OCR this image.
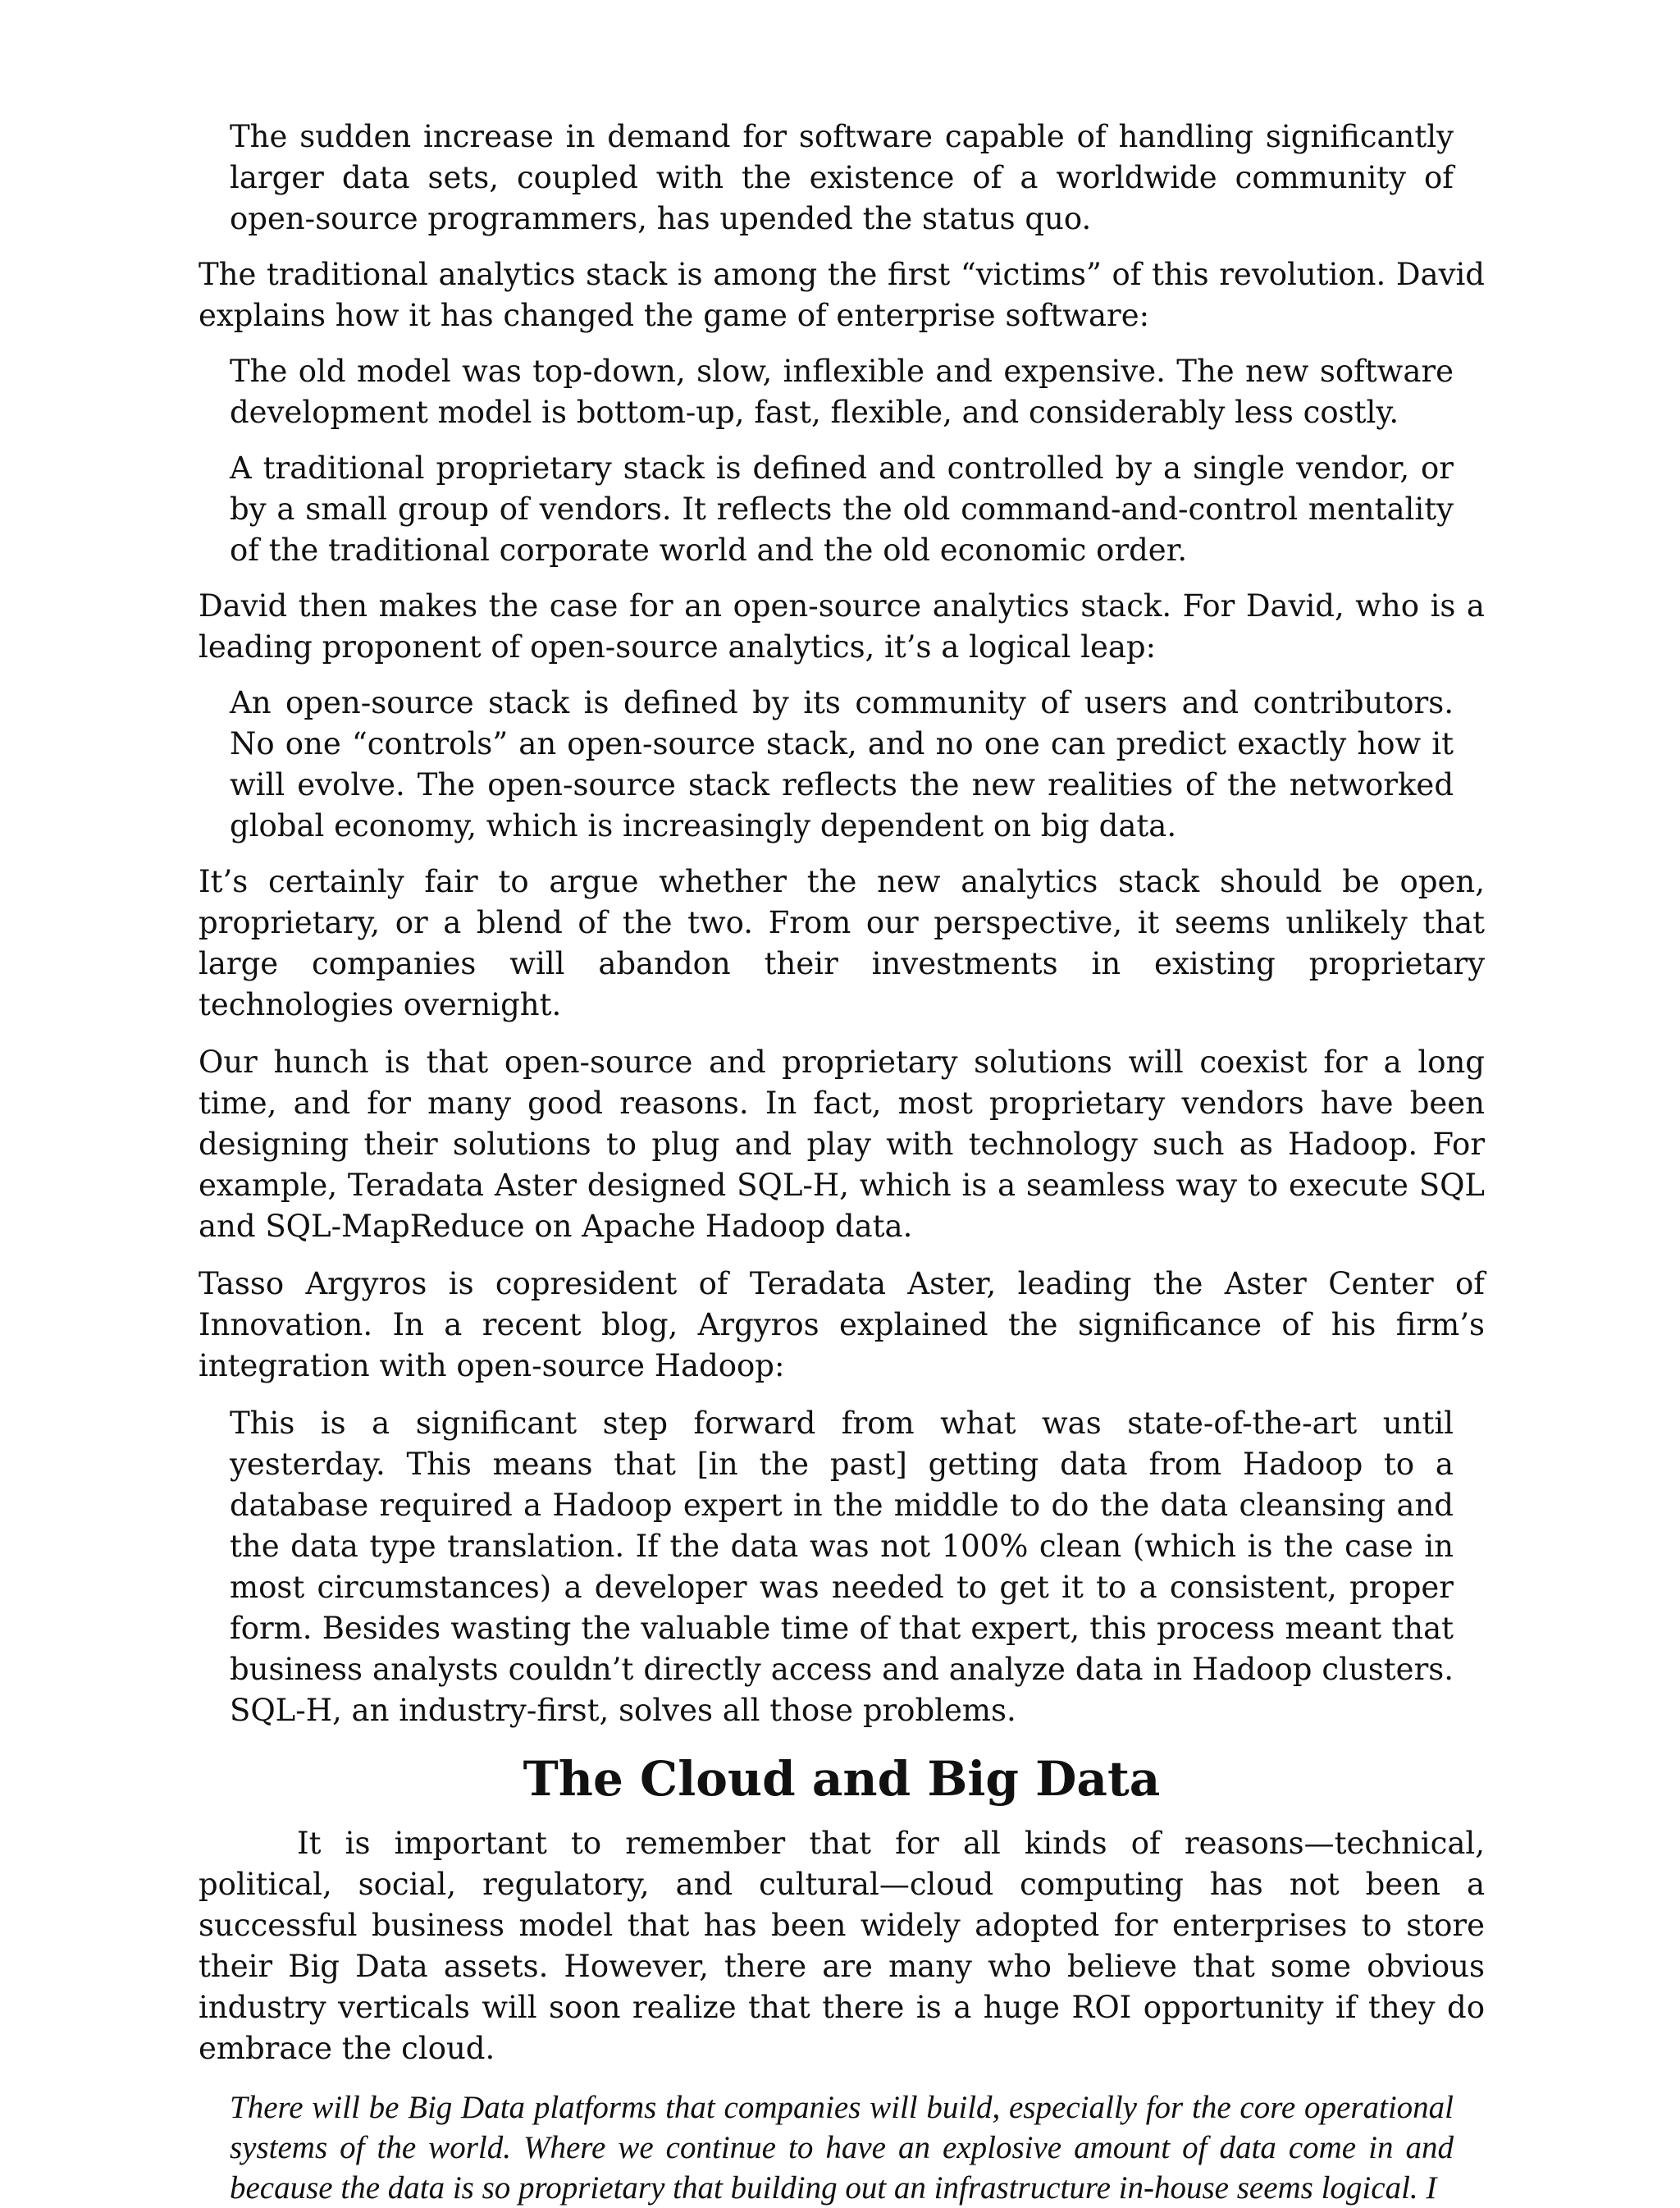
The sudden increase in demand for software capable of handling significantly larger data sets, coupled with the existence of a worldwide community of open-source programmers, has upended the status quo.

The traditional analytics stack is among the first “victims” of this revolution. David explains how it has changed the game of enterprise software:

The old model was top-down, slow, inflexible and expensive. The new software development model is bottom-up, fast, flexible, and considerably less costly.

A traditional proprietary stack is defined and controlled by a single vendor, or by a small group of vendors. It reflects the old command-and-control mentality of the traditional corporate world and the old economic order.

David then makes the case for an open-source analytics stack. For David, who is a leading proponent of open-source analytics, it’s a logical leap:

An open-source stack is defined by its community of users and contributors. No one “controls” an open-source stack, and no one can predict exactly how it will evolve. The open-source stack reflects the new realities of the networked global economy, which is increasingly dependent on big data.

It’s certainly fair to argue whether the new analytics stack should be open, proprietary, or a blend of the two. From our perspective, it seems unlikely that large companies will abandon their investments in existing proprietary technologies overnight.

Our hunch is that open-source and proprietary solutions will coexist for a long time, and for many good reasons. In fact, most proprietary vendors have been designing their solutions to plug and play with technology such as Hadoop. For example, Teradata Aster designed SQL-H, which is a seamless way to execute SQL and SQL-MapReduce on Apache Hadoop data.

Tasso Argyros is copresident of Teradata Aster, leading the Aster Center of Innovation. In a recent blog, Argyros explained the significance of his firm’s integration with open-source Hadoop:

This is a significant step forward from what was state-of-the-art until yesterday. This means that [in the past] getting data from Hadoop to a database required a Hadoop expert in the middle to do the data cleansing and the data type translation. If the data was not 100% clean (which is the case in most circumstances) a developer was needed to get it to a consistent, proper form. Besides wasting the valuable time of that expert, this process meant that business analysts couldn’t directly access and analyze data in Hadoop clusters. SQL-H, an industry-first, solves all those problems.

The Cloud and Big Data

It is important to remember that for all kinds of reasons—technical, political, social, regulatory, and cultural—cloud computing has not been a successful business model that has been widely adopted for enterprises to store their Big Data assets. However, there are many who believe that some obvious industry verticals will soon realize that there is a huge ROI opportunity if they do embrace the cloud.

There will be Big Data platforms that companies will build, especially for the core operational systems of the world. Where we continue to have an explosive amount of data come in and because the data is so proprietary that building out an infrastructure in-house seems logical. I
